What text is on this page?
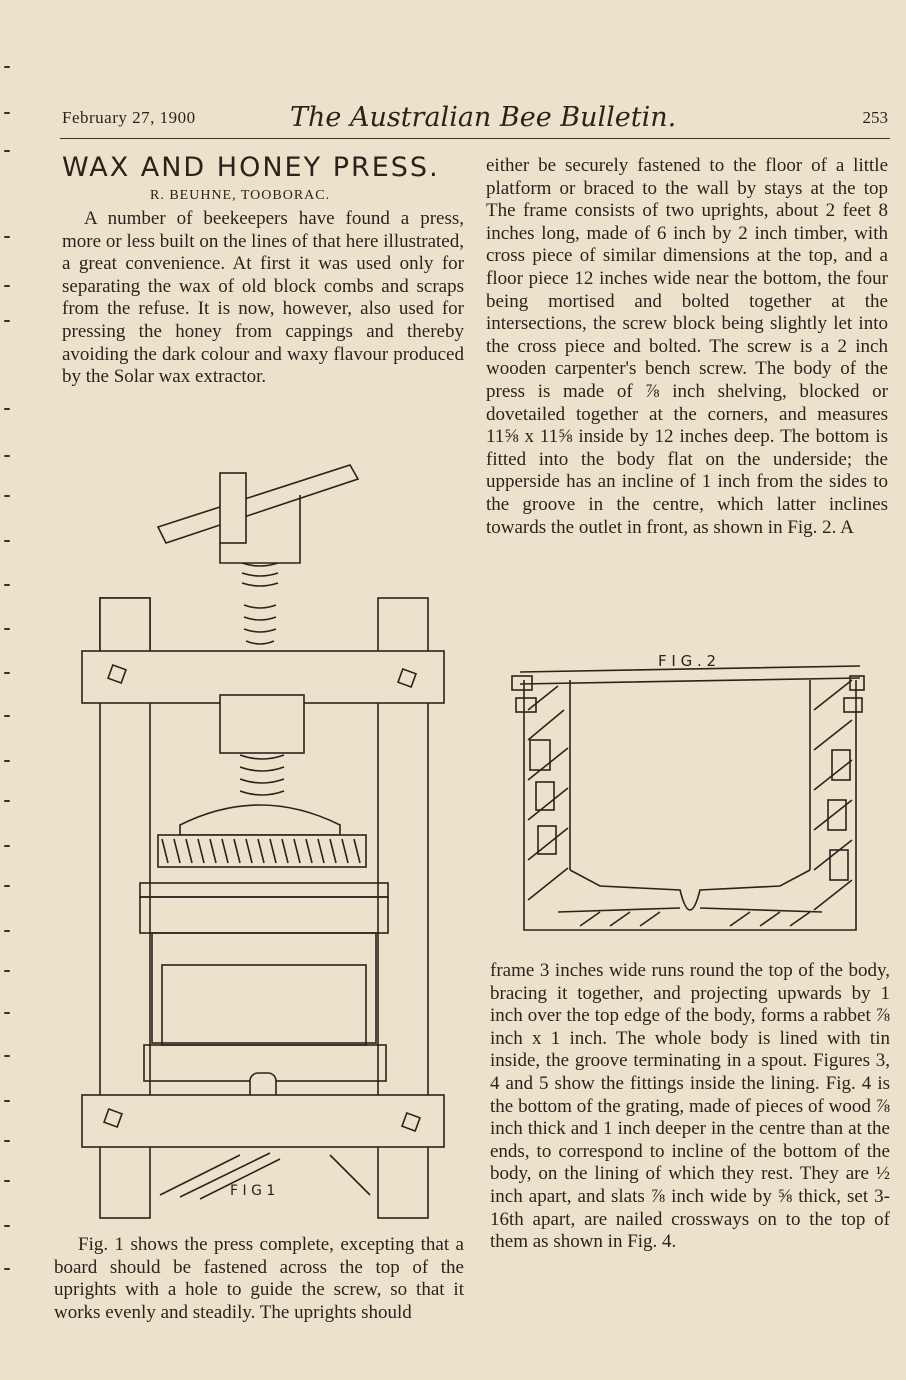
February 27, 1900	The Australian Bee Bulletin.	253
WAX AND HONEY PRESS.
R. BEUHNE, TOOBORAC.

A number of beekeepers have found a press, more or less built on the lines of that here illustrated, a great convenience. At first it was used only for separating the wax of old block combs and scraps from the refuse. It is now, however, also used for pressing the honey from cappings and thereby avoiding the dark colour and waxy flavour produced by the Solar wax extractor.

F I G 1

Fig. 1 shows the press complete, excepting that a board should be fastened across the top of the uprights with a hole to guide the screw, so that it works evenly and steadily. The uprights should

either be securely fastened to the floor of a little platform or braced to the wall by stays at the top The frame consists of two uprights, about 2 feet 8 inches long, made of 6 inch by 2 inch timber, with cross piece of similar dimensions at the top, and a floor piece 12 inches wide near the bottom, the four being mortised and bolted together at the intersections, the screw block being slightly let into the cross piece and bolted. The screw is a 2 inch wooden carpenter's bench screw. The body of the press is made of ⅞ inch shelving, blocked or dovetailed together at the corners, and measures 11⅝ x 11⅝ inside by 12 inches deep. The bottom is fitted into the body flat on the underside; the upperside has an incline of 1 inch from the sides to the groove in the centre, which latter inclines towards the outlet in front, as shown in Fig. 2. A

F I G . 2

frame 3 inches wide runs round the top of the body, bracing it together, and projecting upwards by 1 inch over the top edge of the body, forms a rabbet ⅞ inch x 1 inch. The whole body is lined with tin inside, the groove terminating in a spout. Figures 3, 4 and 5 show the fittings inside the lining. Fig. 4 is the bottom of the grating, made of pieces of wood ⅞ inch thick and 1 inch deeper in the centre than at the ends, to correspond to incline of the bottom of the body, on the lining of which they rest. They are ½ inch apart, and slats ⅞ inch wide by ⅝ thick, set 3-16th apart, are nailed crossways on to the top of them as shown in Fig. 4.
